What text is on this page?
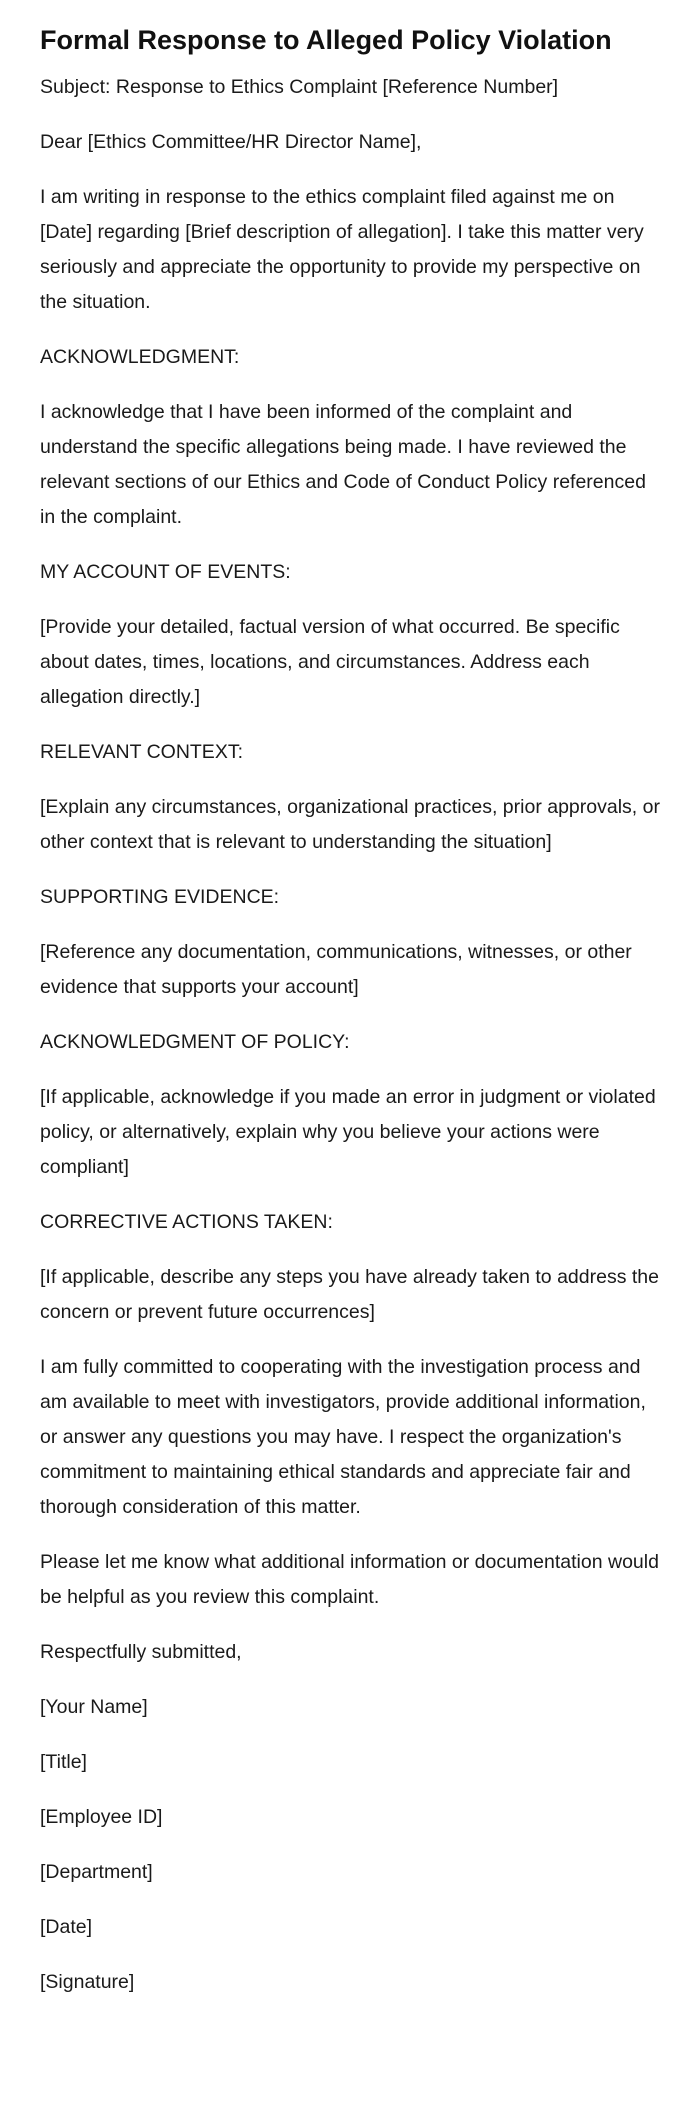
Formal Response to Alleged Policy Violation

Subject: Response to Ethics Complaint [Reference Number]

Dear [Ethics Committee/HR Director Name],

I am writing in response to the ethics complaint filed against me on [Date] regarding [Brief description of allegation]. I take this matter very seriously and appreciate the opportunity to provide my perspective on the situation.

ACKNOWLEDGMENT:

I acknowledge that I have been informed of the complaint and understand the specific allegations being made. I have reviewed the relevant sections of our Ethics and Code of Conduct Policy referenced in the complaint.

MY ACCOUNT OF EVENTS:

[Provide your detailed, factual version of what occurred. Be specific about dates, times, locations, and circumstances. Address each allegation directly.]

RELEVANT CONTEXT:

[Explain any circumstances, organizational practices, prior approvals, or other context that is relevant to understanding the situation]

SUPPORTING EVIDENCE:

[Reference any documentation, communications, witnesses, or other evidence that supports your account]

ACKNOWLEDGMENT OF POLICY:

[If applicable, acknowledge if you made an error in judgment or violated policy, or alternatively, explain why you believe your actions were compliant]

CORRECTIVE ACTIONS TAKEN:

[If applicable, describe any steps you have already taken to address the concern or prevent future occurrences]

I am fully committed to cooperating with the investigation process and am available to meet with investigators, provide additional information, or answer any questions you may have. I respect the organization's commitment to maintaining ethical standards and appreciate fair and thorough consideration of this matter.

Please let me know what additional information or documentation would be helpful as you review this complaint.

Respectfully submitted,

[Your Name]

[Title]

[Employee ID]

[Department]

[Date]

[Signature]
